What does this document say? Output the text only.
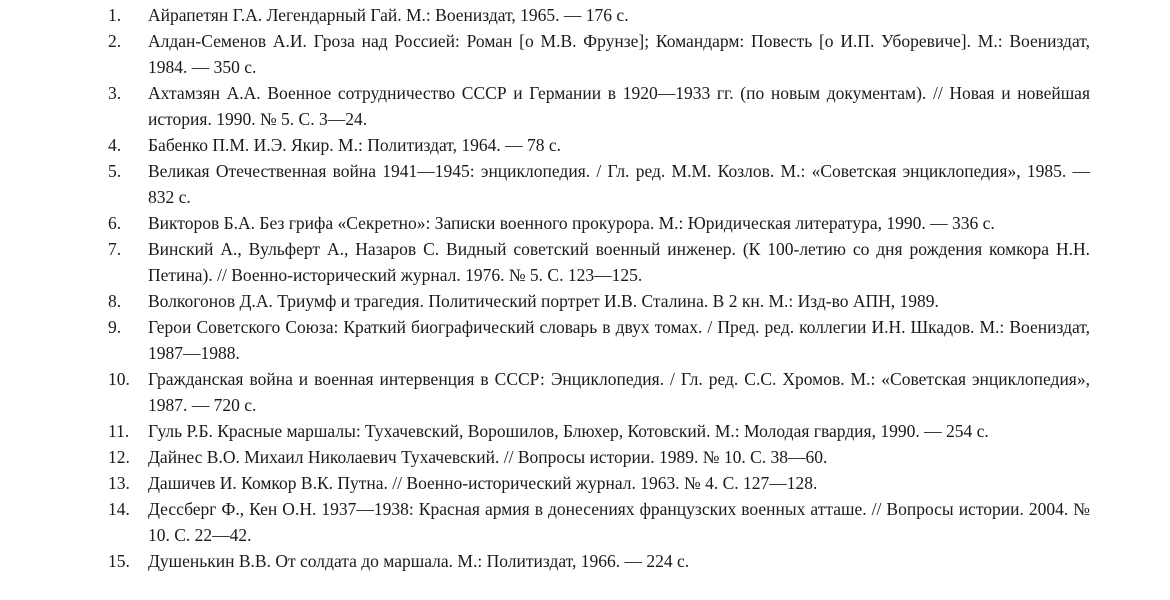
1.	Айрапетян Г.А. Легендарный Гай. М.: Воениздат, 1965. — 176 с.
2.	Алдан-Семенов А.И. Гроза над Россией: Роман [о М.В. Фрунзе]; Командарм: Повесть [о И.П. Уборевиче]. М.: Воениздат, 1984. — 350 с.
3.	Ахтамзян А.А. Военное сотрудничество СССР и Германии в 1920—1933 гг. (по новым документам). // Новая и новейшая история. 1990. № 5. С. 3—24.
4.	Бабенко П.М. И.Э. Якир. М.: Политиздат, 1964. — 78 с.
5.	Великая Отечественная война 1941—1945: энциклопедия. / Гл. ред. М.М. Козлов. М.: «Советская энциклопедия», 1985. — 832 с.
6.	Викторов Б.А. Без грифа «Секретно»: Записки военного прокурора. М.: Юридическая литература, 1990. — 336 с.
7.	Винский А., Вульферт А., Назаров С. Видный советский военный инженер. (К 100-летию со дня рождения комкора Н.Н. Петина). // Военно-исторический журнал. 1976. № 5. С. 123—125.
8.	Волкогонов Д.А. Триумф и трагедия. Политический портрет И.В. Сталина. В 2 кн. М.: Изд-во АПН, 1989.
9.	Герои Советского Союза: Краткий биографический словарь в двух томах. / Пред. ред. коллегии И.Н. Шкадов. М.: Воениздат, 1987—1988.
10.	Гражданская война и военная интервенция в СССР: Энциклопедия. / Гл. ред. С.С. Хромов. М.: «Советская энциклопедия», 1987. — 720 с.
11.	Гуль Р.Б. Красные маршалы: Тухачевский, Ворошилов, Блюхер, Котовский. М.: Молодая гвардия, 1990. — 254 с.
12.	Дайнес В.О. Михаил Николаевич Тухачевский. // Вопросы истории. 1989. № 10. С. 38—60.
13.	Дашичев И. Комкор В.К. Путна. // Военно-исторический журнал. 1963. № 4. С. 127—128.
14.	Дессберг Ф., Кен О.Н. 1937—1938: Красная армия в донесениях французских военных атташе. // Вопросы истории. 2004. № 10. С. 22—42.
15.	Душенькин В.В. От солдата до маршала. М.: Политиздат, 1966. — 224 с.
